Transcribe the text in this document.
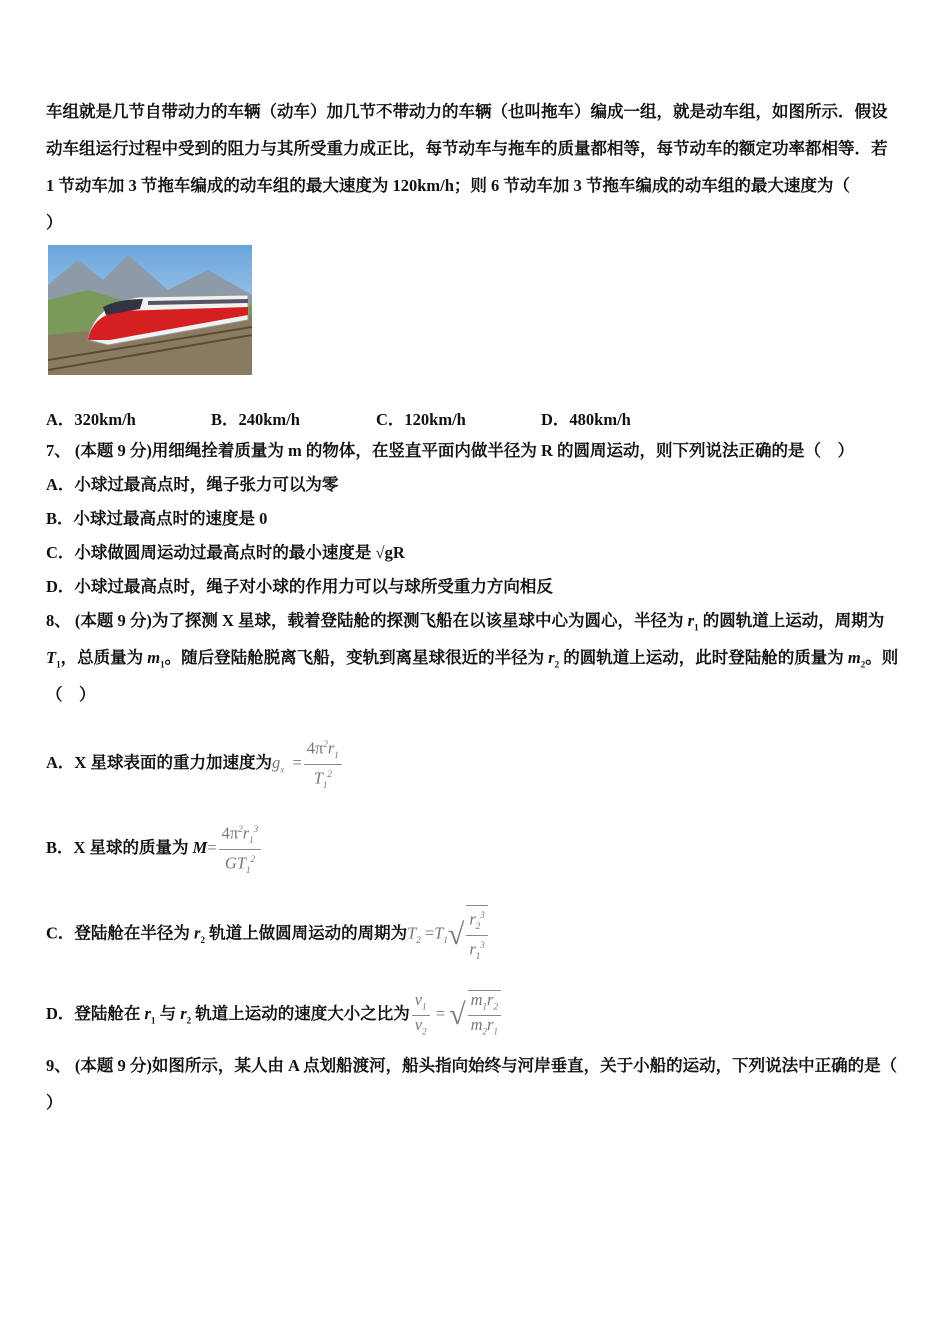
车组就是几节自带动力的车辆（动车）加几节不带动力的车辆（也叫拖车）编成一组，就是动车组，如图所示．假设
动车组运行过程中受到的阻力与其所受重力成正比，每节动车与拖车的质量都相等，每节动车的额定功率都相等．若
1 节动车加 3 节拖车编成的动车组的最大速度为 120km/h；则 6 节动车加 3 节拖车编成的动车组的最大速度为（
）
A．320km/h	B．240km/h	C．120km/h	D．480km/h
7、 (本题 9 分)用细绳拴着质量为 m 的物体，在竖直平面内做半径为 R 的圆周运动，则下列说法正确的是（　）
A．小球过最高点时，绳子张力可以为零
B．小球过最高点时的速度是 0
C．小球做圆周运动过最高点时的最小速度是 √gR
D．小球过最高点时，绳子对小球的作用力可以与球所受重力方向相反
8、 (本题 9 分)为了探测 X 星球，载着登陆舱的探测飞船在以该星球中心为圆心，半径为 $r_1$ 的圆轨道上运动，周期为
$T_1$，总质量为 $m_1$。随后登陆舱脱离飞船，变轨到离星球很近的半径为 $r_2$ 的圆轨道上运动，此时登陆舱的质量为 $m_2$。则
（　）
A．X 星球表面的重力加速度为$g_x = \frac{4\pi^2r_1}{T_1^2}$
B．X 星球的质量为 $M= \frac{4\pi^2r_1^3}{GT_1^2}$
C．登陆舱在半径为 $r_2$ 轨道上做圆周运动的周期为$T_2 =T_1$ √ $\frac{r_2^3}{r_1^3}$
D．登陆舱在 $r_1$ 与 $r_2$ 轨道上运动的速度大小之比为 $\frac{v_1}{v_2}$ = √ $\frac{m_1r_2}{m_2r_1}$
9、 (本题 9 分)如图所示，某人由 A 点划船渡河，船头指向始终与河岸垂直，关于小船的运动，下列说法中正确的是（
）
